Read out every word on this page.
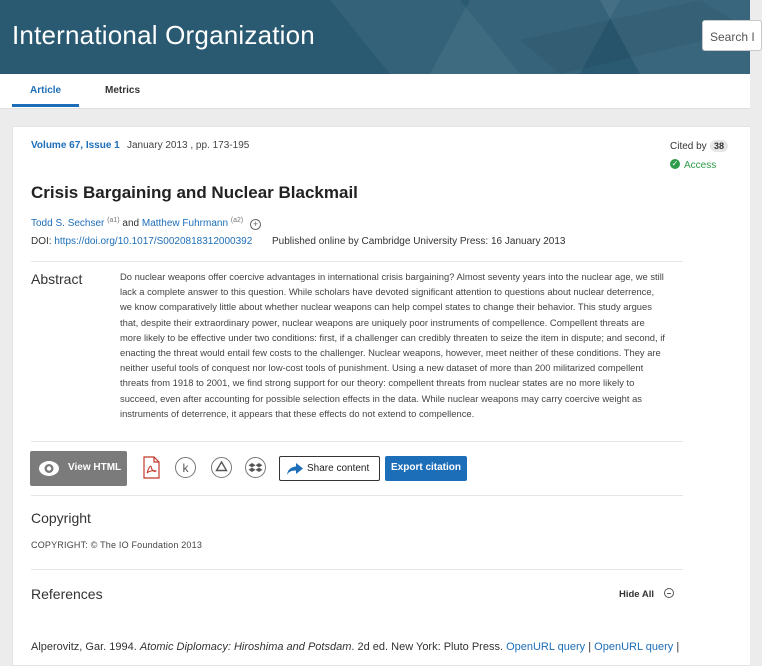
International Organization	Search I
Article	Metrics
Volume 67, Issue 1 January 2013 , pp. 173-195	Cited by 38
✓ Access
Crisis Bargaining and Nuclear Blackmail
Todd S. Sechser $^{(a1)}$ and Matthew Fuhrmann $^{(a2)}$ +
DOI: https://doi.org/10.1017/S0020818312000392 Published online by Cambridge University Press: 16 January 2013
Abstract	Do nuclear weapons offer coercive advantages in international crisis bargaining? Almost seventy years into the nuclear age, we still lack a complete answer to this question. While scholars have devoted significant attention to questions about nuclear deterrence, we know comparatively little about whether nuclear weapons can help compel states to change their behavior. This study argues that, despite their extraordinary power, nuclear weapons are uniquely poor instruments of compellence. Compellent threats are more likely to be effective under two conditions: first, if a challenger can credibly threaten to seize the item in dispute; and second, if enacting the threat would entail few costs to the challenger. Nuclear weapons, however, meet neither of these conditions. They are neither useful tools of conquest nor low-cost tools of punishment. Using a new dataset of more than 200 militarized compellent threats from 1918 to 2001, we find strong support for our theory: compellent threats from nuclear states are no more likely to succeed, even after accounting for possible selection effects in the data. While nuclear weapons may carry coercive weight as instruments of deterrence, it appears that these effects do not extend to compellence.
View HTML	k	Share content Export citation
Copyright
COPYRIGHT: © The IO Foundation 2013
References	Hide All
Alperovitz, Gar. 1994. Atomic Diplomacy: Hiroshima and Potsdam. 2d ed. New York: Pluto Press. OpenURL query | OpenURL query |
